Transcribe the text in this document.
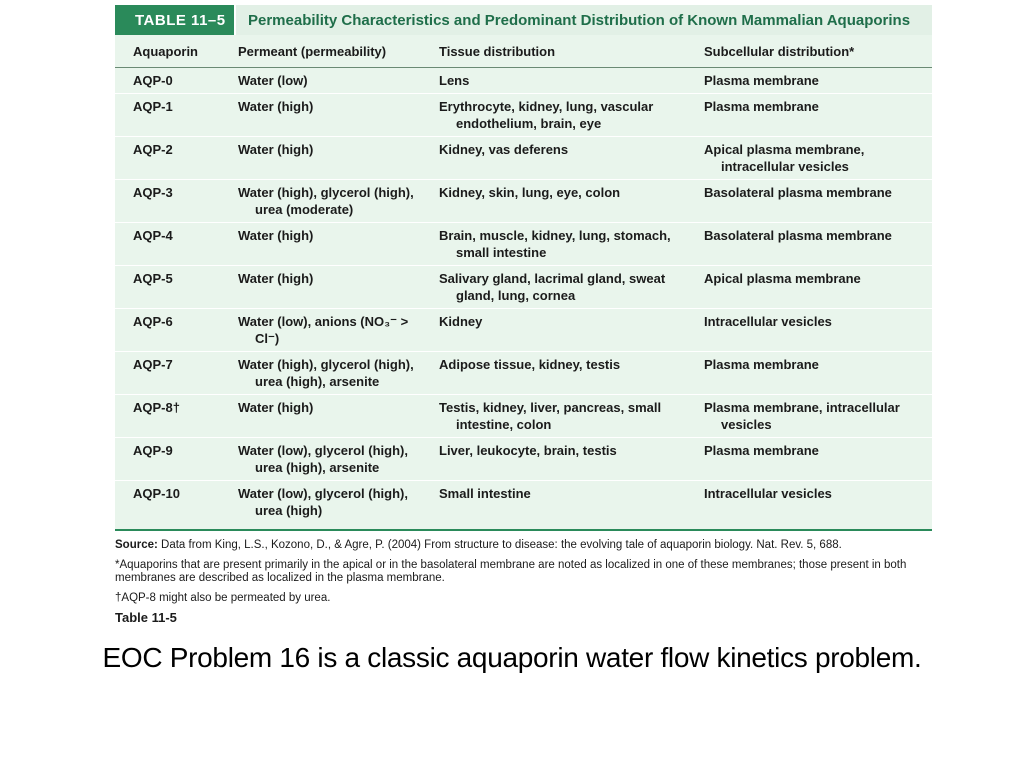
TABLE 11–5	Permeability Characteristics and Predominant Distribution of Known Mammalian Aquaporins
Aquaporin	Permeant (permeability)	Tissue distribution	Subcellular distribution*

AQP-0	Water (low)	Lens	Plasma membrane

AQP-1	Water (high)	Erythrocyte, kidney, lung, vascular endothelium, brain, eye	Plasma membrane

AQP-2	Water (high)	Kidney, vas deferens	Apical plasma membrane, intracellular vesicles

AQP-3	Water (high), glycerol (high), urea (moderate)	Kidney, skin, lung, eye, colon	Basolateral plasma membrane

AQP-4	Water (high)	Brain, muscle, kidney, lung, stomach, small intestine	Basolateral plasma membrane

AQP-5	Water (high)	Salivary gland, lacrimal gland, sweat gland, lung, cornea	Apical plasma membrane

AQP-6	Water (low), anions (NO₃⁻ > Cl⁻)	Kidney	Intracellular vesicles

AQP-7	Water (high), glycerol (high), urea (high), arsenite	Adipose tissue, kidney, testis	Plasma membrane

AQP-8†	Water (high)	Testis, kidney, liver, pancreas, small intestine, colon	Plasma membrane, intracellular vesicles

AQP-9	Water (low), glycerol (high), urea (high), arsenite	Liver, leukocyte, brain, testis	Plasma membrane

AQP-10	Water (low), glycerol (high), urea (high)	Small intestine	Intracellular vesicles

Source: Data from King, L.S., Kozono, D., & Agre, P. (2004) From structure to disease: the evolving tale of aquaporin biology. Nat. Rev. 5, 688.

*Aquaporins that are present primarily in the apical or in the basolateral membrane are noted as localized in one of these membranes; those present in both membranes are described as localized in the plasma membrane.

†AQP-8 might also be permeated by urea.

Table 11-5
EOC Problem 16 is a classic aquaporin water flow kinetics problem.
